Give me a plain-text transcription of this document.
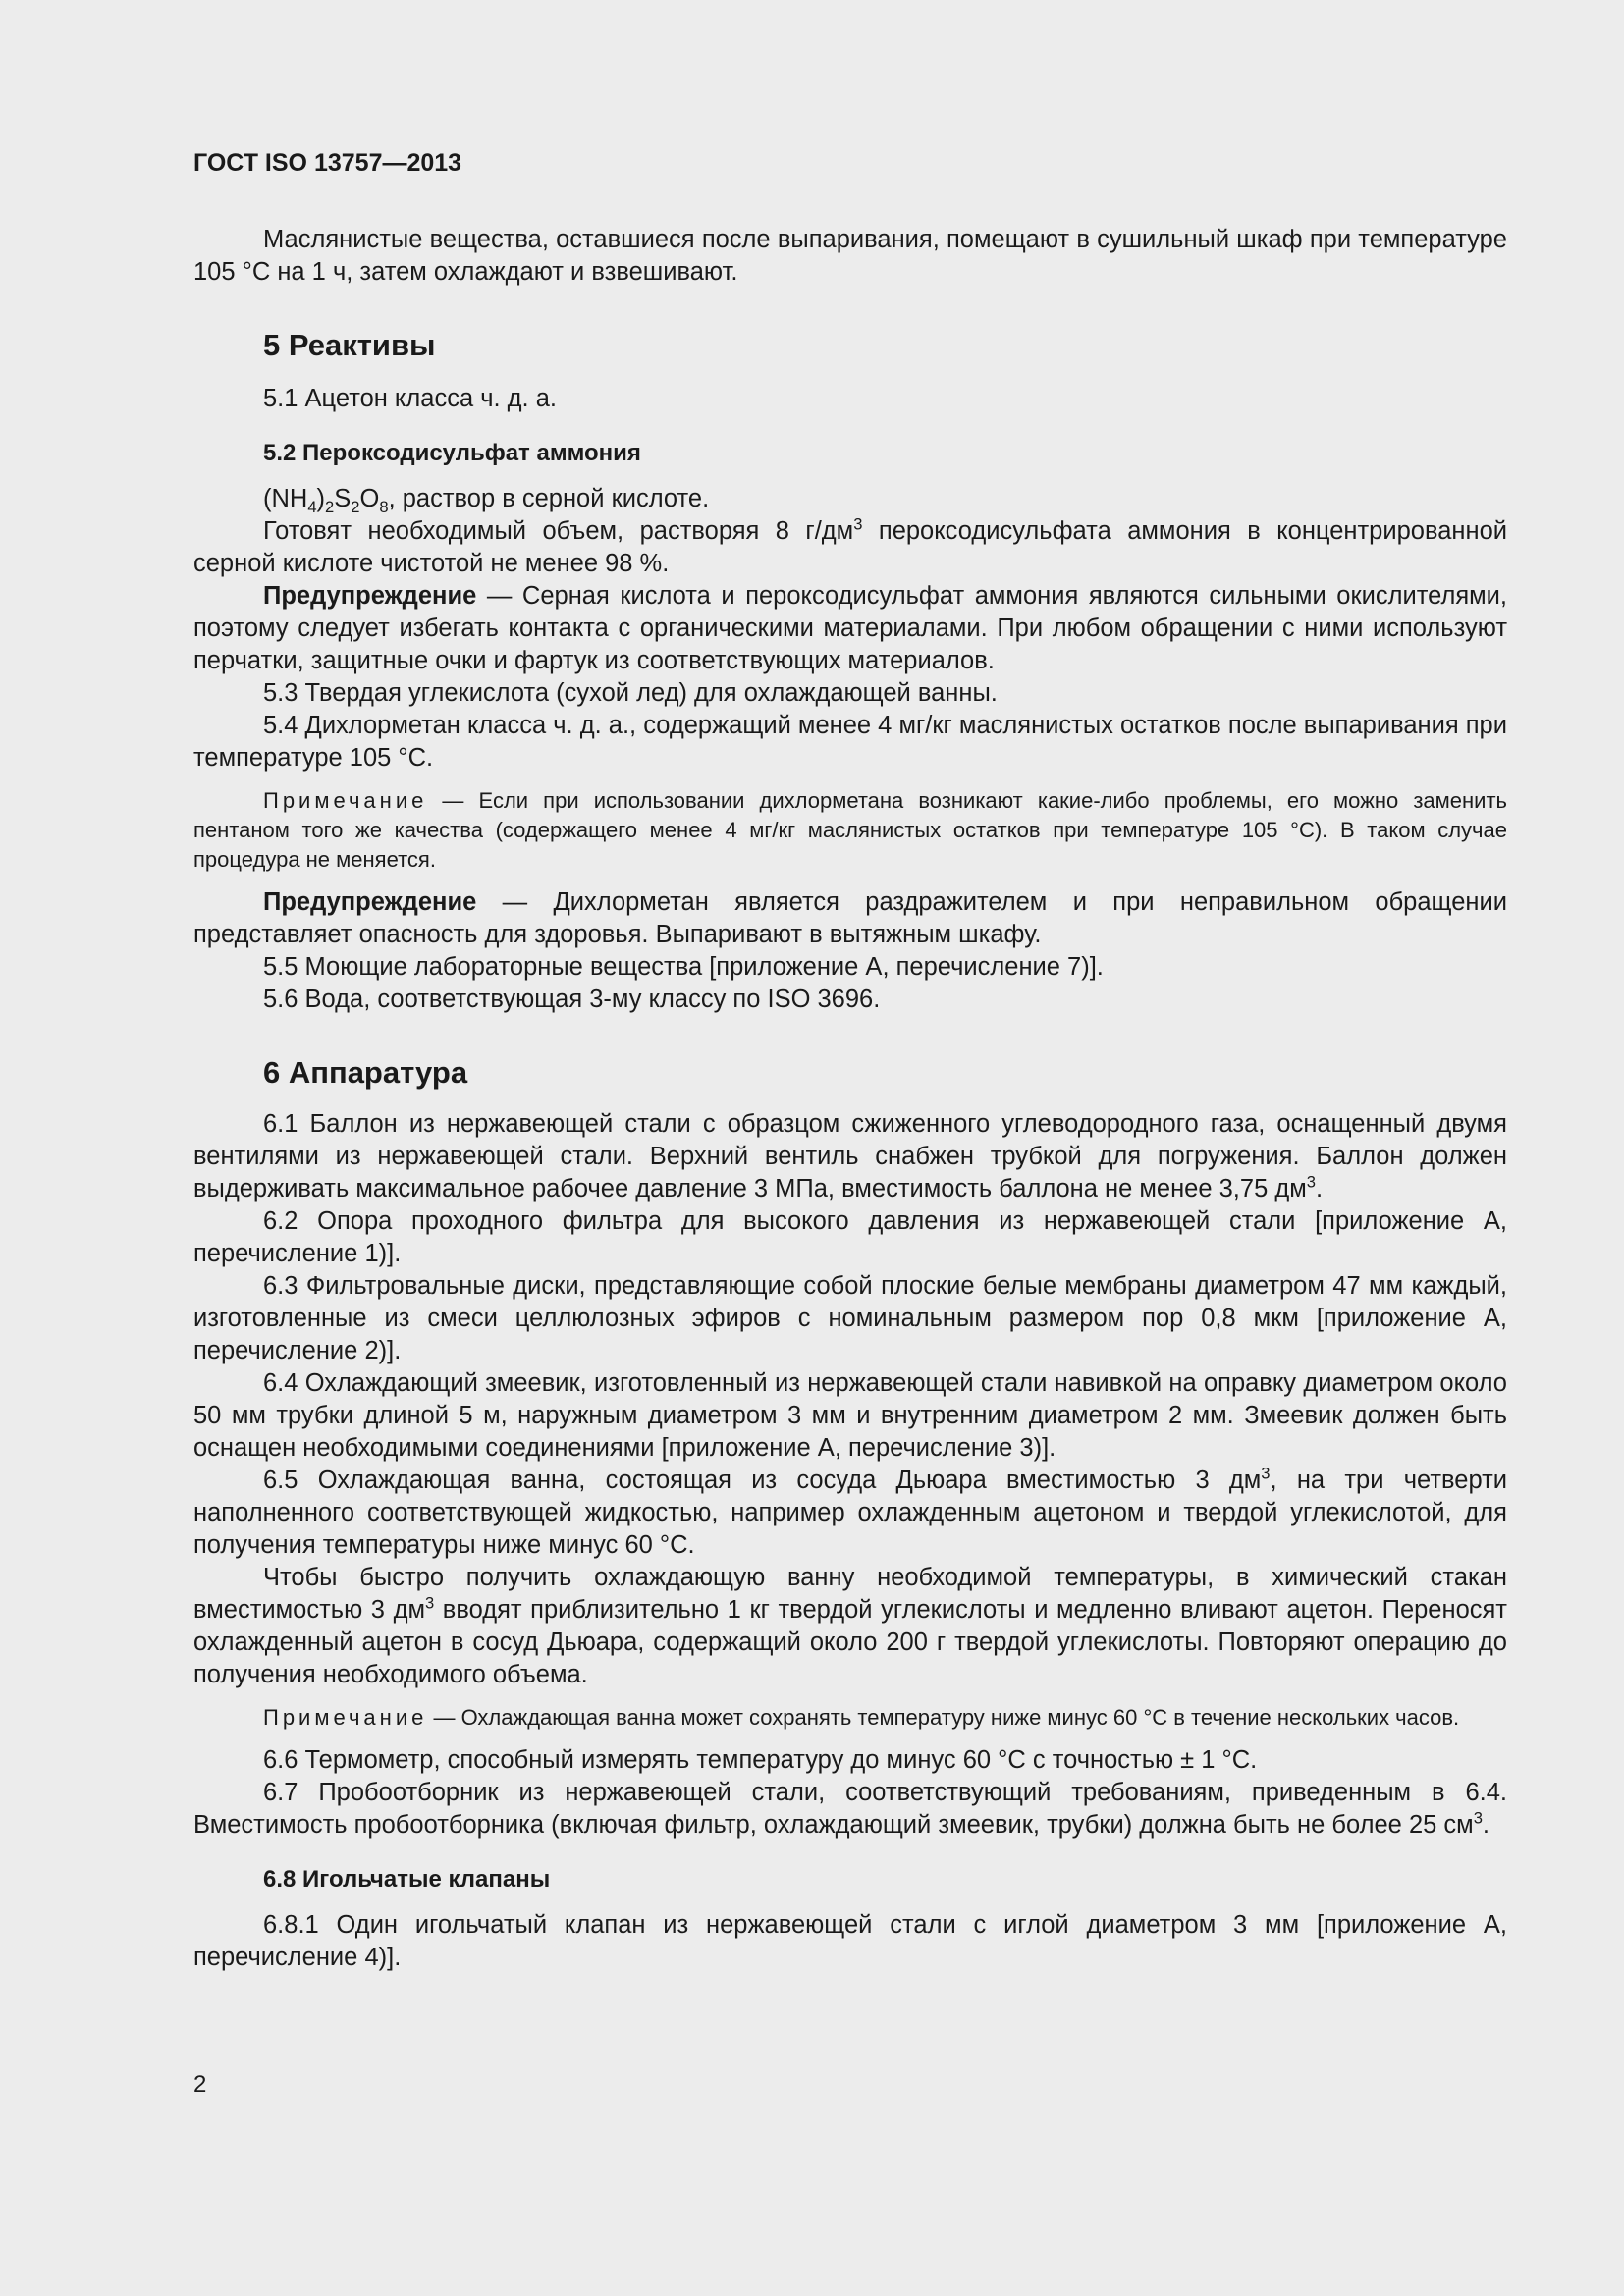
ГОСТ ISO 13757—2013

Маслянистые вещества, оставшиеся после выпаривания, помещают в сушильный шкаф при температуре 105 °С на 1 ч, затем охлаждают и взвешивают.

5 Реактивы

5.1 Ацетон класса ч. д. а.

5.2 Пероксодисульфат аммония

$(NH_4)_2S_2O_8$, раствор в серной кислоте.

Готовят необходимый объем, растворяя 8 $г/дм^3$ пероксодисульфата аммония в концентрированной серной кислоте чистотой не менее 98 %.

Предупреждение — Серная кислота и пероксодисульфат аммония являются сильными окислителями, поэтому следует избегать контакта с органическими материалами. При любом обращении с ними используют перчатки, защитные очки и фартук из соответствующих материалов.

5.3 Твердая углекислота (сухой лед) для охлаждающей ванны.

5.4 Дихлорметан класса ч. д. а., содержащий менее 4 мг/кг маслянистых остатков после выпаривания при температуре 105 °С.

Примечание — Если при использовании дихлорметана возникают какие-либо проблемы, его можно заменить пентаном того же качества (содержащего менее 4 мг/кг маслянистых остатков при температуре 105 °С). В таком случае процедура не меняется.

Предупреждение — Дихлорметан является раздражителем и при неправильном обращении представляет опасность для здоровья. Выпаривают в вытяжным шкафу.

5.5 Моющие лабораторные вещества [приложение А, перечисление 7)].

5.6 Вода, соответствующая 3-му классу по ISO 3696.

6 Аппаратура

6.1 Баллон из нержавеющей стали с образцом сжиженного углеводородного газа, оснащенный двумя вентилями из нержавеющей стали. Верхний вентиль снабжен трубкой для погружения. Баллон должен выдерживать максимальное рабочее давление 3 МПа, вместимость баллона не менее 3,75 $дм^3$.

6.2 Опора проходного фильтра для высокого давления из нержавеющей стали [приложение А, перечисление 1)].

6.3 Фильтровальные диски, представляющие собой плоские белые мембраны диаметром 47 мм каждый, изготовленные из смеси целлюлозных эфиров с номинальным размером пор 0,8 мкм [приложение А, перечисление 2)].

6.4 Охлаждающий змеевик, изготовленный из нержавеющей стали навивкой на оправку диаметром около 50 мм трубки длиной 5 м, наружным диаметром 3 мм и внутренним диаметром 2 мм. Змеевик должен быть оснащен необходимыми соединениями [приложение А, перечисление 3)].

6.5 Охлаждающая ванна, состоящая из сосуда Дьюара вместимостью 3 $дм^3$, на три четверти наполненного соответствующей жидкостью, например охлажденным ацетоном и твердой углекислотой, для получения температуры ниже минус 60 °С.

Чтобы быстро получить охлаждающую ванну необходимой температуры, в химический стакан вместимостью 3 $дм^3$ вводят приблизительно 1 кг твердой углекислоты и медленно вливают ацетон. Переносят охлажденный ацетон в сосуд Дьюара, содержащий около 200 г твердой углекислоты. Повторяют операцию до получения необходимого объема.

Примечание — Охлаждающая ванна может сохранять температуру ниже минус 60 °С в течение нескольких часов.

6.6 Термометр, способный измерять температуру до минус 60 °С с точностью ± 1 °С.

6.7 Пробоотборник из нержавеющей стали, соответствующий требованиям, приведенным в 6.4. Вместимость пробоотборника (включая фильтр, охлаждающий змеевик, трубки) должна быть не более 25 $см^3$.

6.8 Игольчатые клапаны

6.8.1 Один игольчатый клапан из нержавеющей стали с иглой диаметром 3 мм [приложение А, перечисление 4)].

2
